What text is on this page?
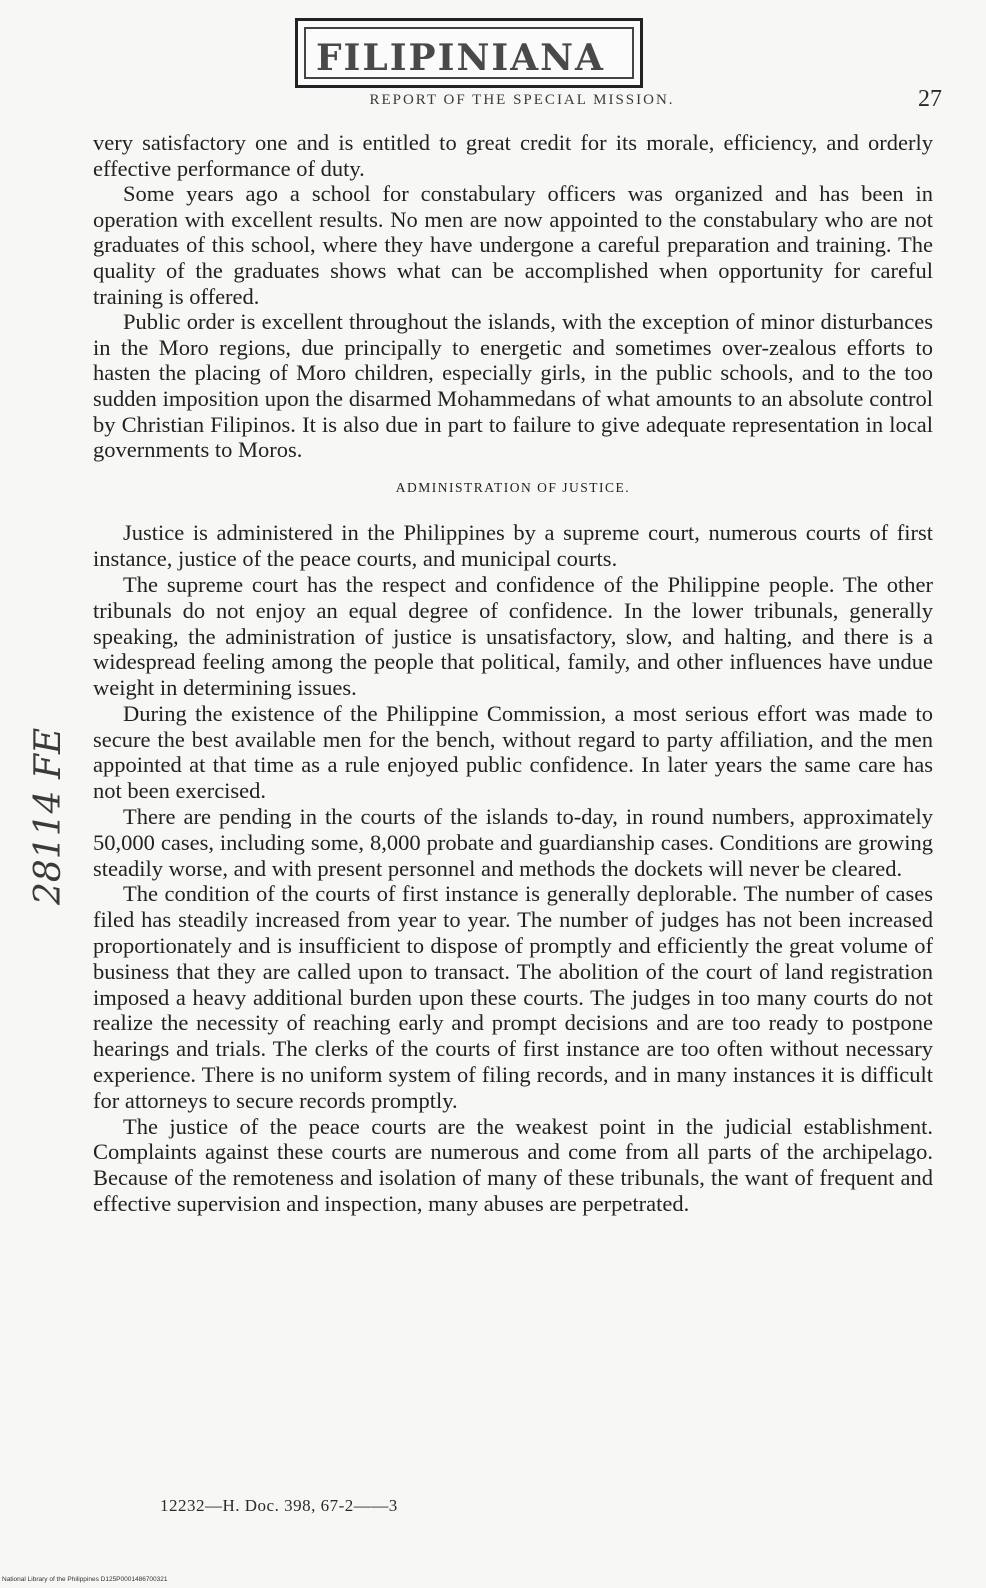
FILIPINIANA
REPORT OF THE SPECIAL MISSION.	27
28114 FE

very satisfactory one and is entitled to great credit for its morale, efficiency, and orderly effective performance of duty.

Some years ago a school for constabulary officers was organized and has been in operation with excellent results. No men are now appointed to the constabulary who are not graduates of this school, where they have undergone a careful preparation and training. The quality of the graduates shows what can be accomplished when opportunity for careful training is offered.

Public order is excellent throughout the islands, with the exception of minor disturbances in the Moro regions, due principally to energetic and sometimes over-zealous efforts to hasten the placing of Moro children, especially girls, in the public schools, and to the too sudden imposition upon the disarmed Mohammedans of what amounts to an absolute control by Christian Filipinos. It is also due in part to failure to give adequate representation in local governments to Moros.

ADMINISTRATION OF JUSTICE.

Justice is administered in the Philippines by a supreme court, numerous courts of first instance, justice of the peace courts, and municipal courts.

The supreme court has the respect and confidence of the Philippine people. The other tribunals do not enjoy an equal degree of confidence. In the lower tribunals, generally speaking, the administration of justice is unsatisfactory, slow, and halting, and there is a widespread feeling among the people that political, family, and other influences have undue weight in determining issues.

During the existence of the Philippine Commission, a most serious effort was made to secure the best available men for the bench, without regard to party affiliation, and the men appointed at that time as a rule enjoyed public confidence. In later years the same care has not been exercised.

There are pending in the courts of the islands to-day, in round numbers, approximately 50,000 cases, including some, 8,000 probate and guardianship cases. Conditions are growing steadily worse, and with present personnel and methods the dockets will never be cleared.

The condition of the courts of first instance is generally deplorable. The number of cases filed has steadily increased from year to year. The number of judges has not been increased proportionately and is insufficient to dispose of promptly and efficiently the great volume of business that they are called upon to transact. The abolition of the court of land registration imposed a heavy additional burden upon these courts. The judges in too many courts do not realize the necessity of reaching early and prompt decisions and are too ready to postpone hearings and trials. The clerks of the courts of first instance are too often without necessary experience. There is no uniform system of filing records, and in many instances it is difficult for attorneys to secure records promptly.

The justice of the peace courts are the weakest point in the judicial establishment. Complaints against these courts are numerous and come from all parts of the archipelago. Because of the remoteness and isolation of many of these tribunals, the want of frequent and effective supervision and inspection, many abuses are perpetrated.

12232—H. Doc. 398, 67-2——3
National Library of the Philippines D125P0001486700321
